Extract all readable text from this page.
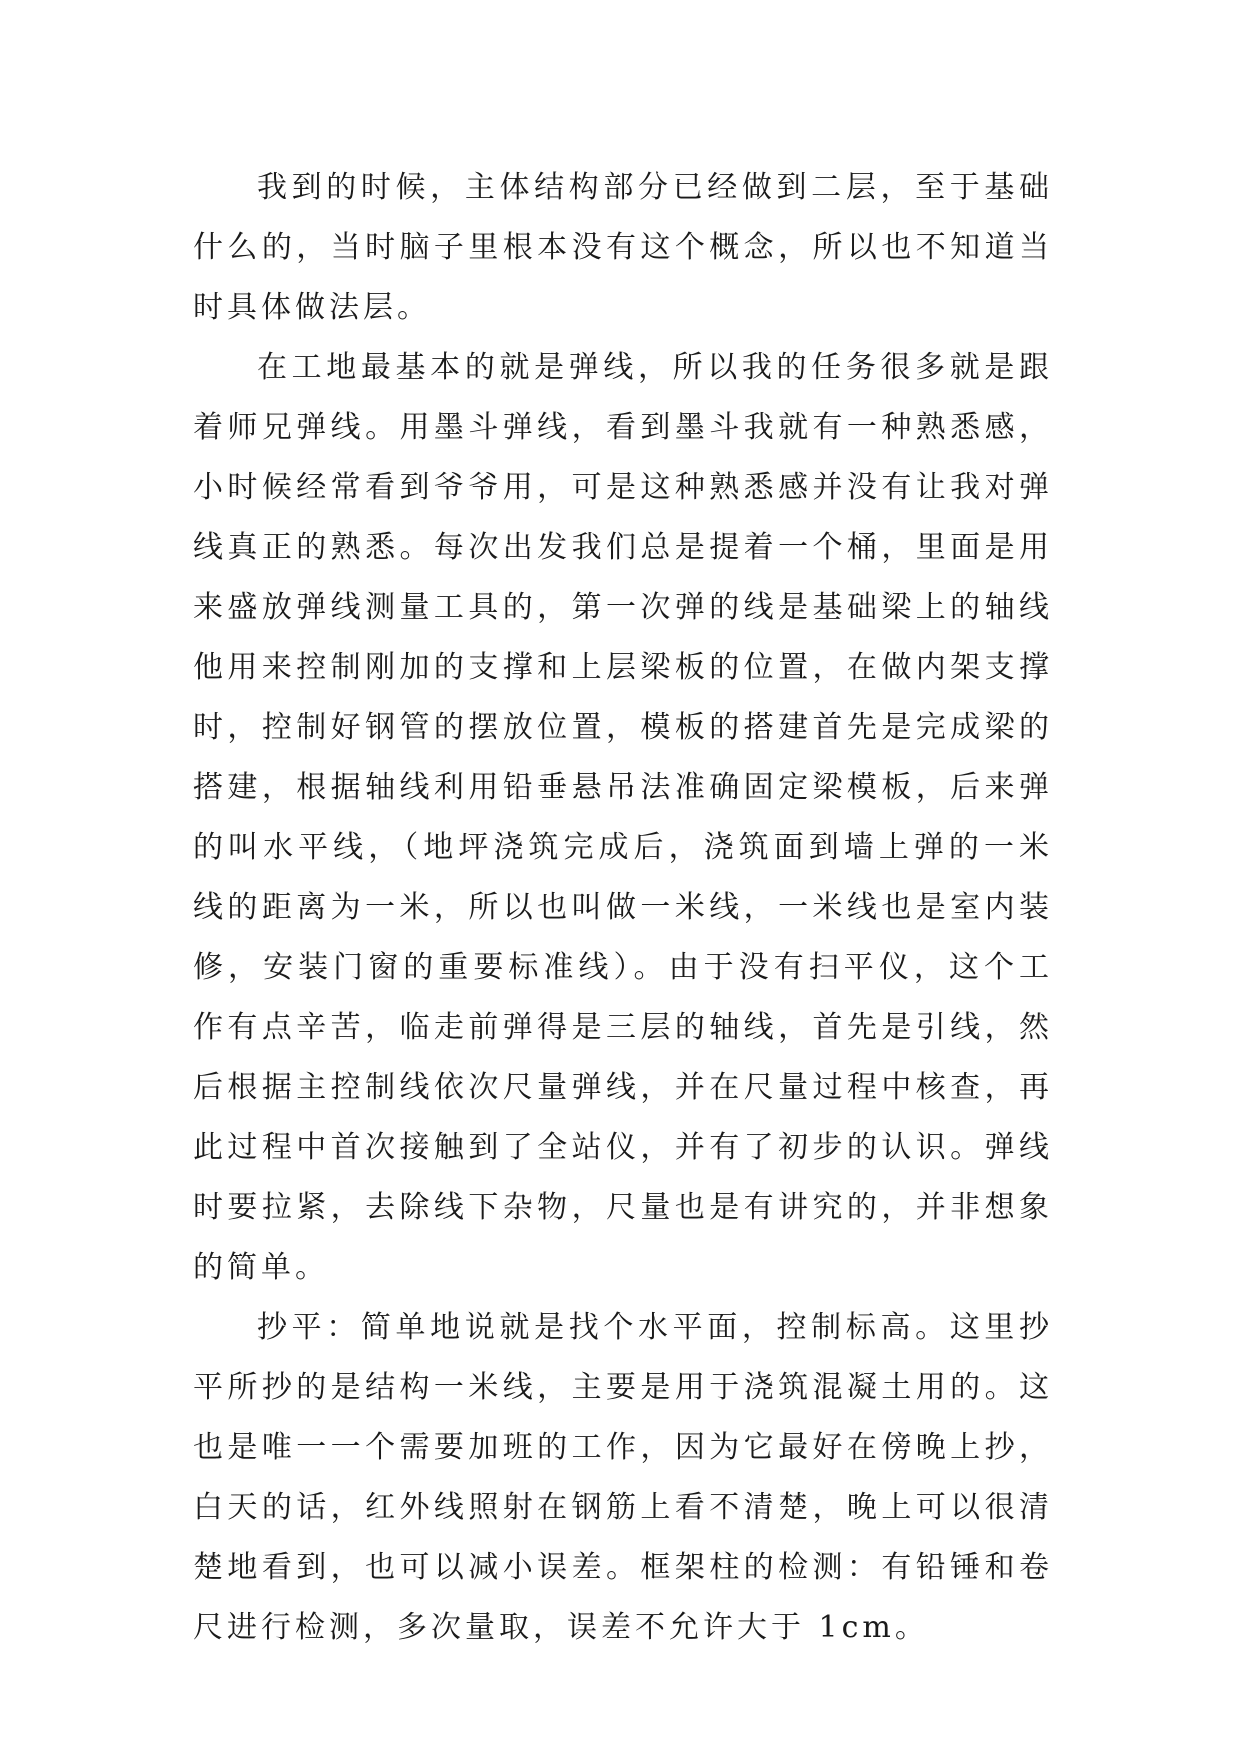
我到的时候，主体结构部分已经做到二层，至于基础什么的，当时脑子里根本没有这个概念，所以也不知道当时具体做法层。

在工地最基本的就是弹线，所以我的任务很多就是跟着师兄弹线。用墨斗弹线，看到墨斗我就有一种熟悉感，小时候经常看到爷爷用，可是这种熟悉感并没有让我对弹线真正的熟悉。每次出发我们总是提着一个桶，里面是用来盛放弹线测量工具的，第一次弹的线是基础梁上的轴线他用来控制刚加的支撑和上层梁板的位置，在做内架支撑时，控制好钢管的摆放位置，模板的搭建首先是完成梁的搭建，根据轴线利用铅垂悬吊法准确固定梁模板，后来弹的叫水平线，（地坪浇筑完成后，浇筑面到墙上弹的一米线的距离为一米，所以也叫做一米线，一米线也是室内装修，安装门窗的重要标准线）。由于没有扫平仪，这个工作有点辛苦，临走前弹得是三层的轴线，首先是引线，然后根据主控制线依次尺量弹线，并在尺量过程中核查，再此过程中首次接触到了全站仪，并有了初步的认识。弹线时要拉紧，去除线下杂物，尺量也是有讲究的，并非想象的简单。

抄平：简单地说就是找个水平面，控制标高。这里抄平所抄的是结构一米线，主要是用于浇筑混凝土用的。这也是唯一一个需要加班的工作，因为它最好在傍晚上抄，白天的话，红外线照射在钢筋上看不清楚，晚上可以很清楚地看到，也可以减小误差。框架柱的检测：有铅锤和卷尺进行检测，多次量取，误差不允许大于 1cm。
